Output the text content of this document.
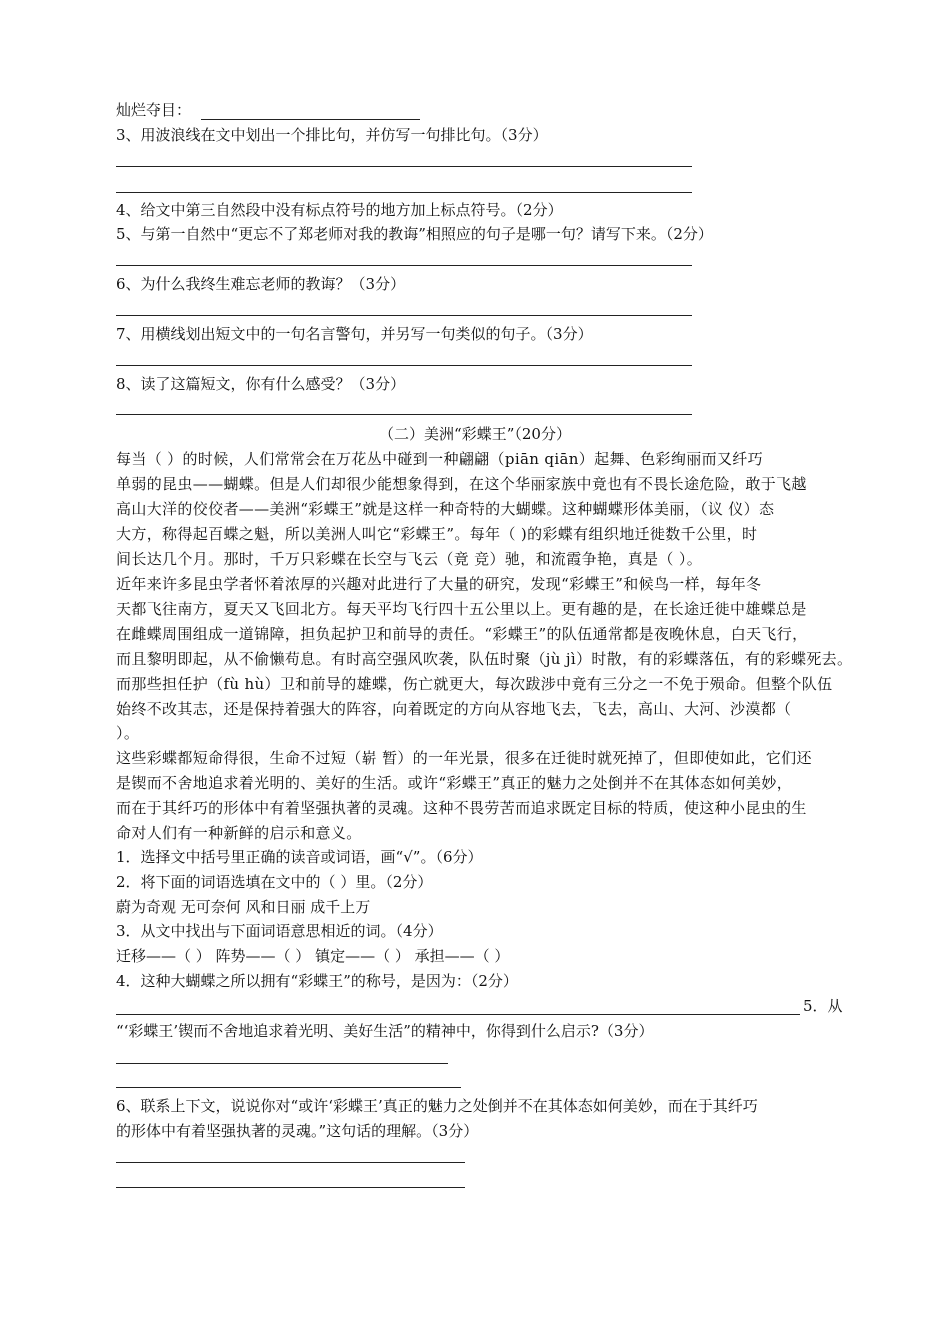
灿烂夺目：
3、用波浪线在文中划出一个排比句，并仿写一句排比句。（3分）
4、给文中第三自然段中没有标点符号的地方加上标点符号。（2分）
5、与第一自然中“更忘不了郑老师对我的教诲”相照应的句子是哪一句？请写下来。（2分）
6、为什么我终生难忘老师的教诲？（3分）
7、用横线划出短文中的一句名言警句，并另写一句类似的句子。（3分）
8、读了这篇短文，你有什么感受？（3分）
（二）美洲“彩蝶王”（20分）
每当（ ）的时候，人们常常会在万花丛中碰到一种翩翩（piān qiān）起舞、色彩绚丽而又纤巧
单弱的昆虫——蝴蝶。但是人们却很少能想象得到，在这个华丽家族中竟也有不畏长途危险，敢于飞越
高山大洋的佼佼者——美洲“彩蝶王”就是这样一种奇特的大蝴蝶。这种蝴蝶形体美丽，（议 仪）态
大方，称得起百蝶之魁，所以美洲人叫它“彩蝶王”。每年（ )的彩蝶有组织地迁徙数千公里，时
间长达几个月。那时，千万只彩蝶在长空与飞云（竟 竞）驰，和流霞争艳，真是（ ）。
近年来许多昆虫学者怀着浓厚的兴趣对此进行了大量的研究，发现“彩蝶王”和候鸟一样，每年冬
天都飞往南方，夏天又飞回北方。每天平均飞行四十五公里以上。更有趣的是，在长途迁徙中雄蝶总是
在雌蝶周围组成一道锦障，担负起护卫和前导的责任。“彩蝶王”的队伍通常都是夜晚休息，白天飞行，
而且黎明即起，从不偷懒苟息。有时高空强风吹袭，队伍时聚（jù jì）时散，有的彩蝶落伍，有的彩蝶死去。
而那些担任护（fù hù）卫和前导的雄蝶，伤亡就更大，每次跋涉中竟有三分之一不免于殒命。但整个队伍
始终不改其志，还是保持着强大的阵容，向着既定的方向从容地飞去，飞去，高山、大河、沙漠都（
）。
这些彩蝶都短命得很，生命不过短（崭 暂）的一年光景，很多在迁徙时就死掉了，但即使如此，它们还
是锲而不舍地追求着光明的、美好的生活。或许“彩蝶王”真正的魅力之处倒并不在其体态如何美妙，
而在于其纤巧的形体中有着坚强执著的灵魂。这种不畏劳苦而追求既定目标的特质，使这种小昆虫的生
命对人们有一种新鲜的启示和意义。
1．选择文中括号里正确的读音或词语，画“√”。（6分）
2．将下面的词语选填在文中的（ ）里。（2分）
蔚为奇观 无可奈何 风和日丽 成千上万
3．从文中找出与下面词语意思相近的词。（4分）
迁移——（ ） 阵势——（ ） 镇定——（ ） 承担——（ ）
4．这种大蝴蝶之所以拥有“彩蝶王”的称号，是因为：（2分）
5．从
“‘彩蝶王’锲而不舍地追求着光明、美好生活”的精神中，你得到什么启示?（3分）
6、联系上下文，说说你对“或许‘彩蝶王’真正的魅力之处倒并不在其体态如何美妙，而在于其纤巧
的形体中有着坚强执著的灵魂。”这句话的理解。（3分）
